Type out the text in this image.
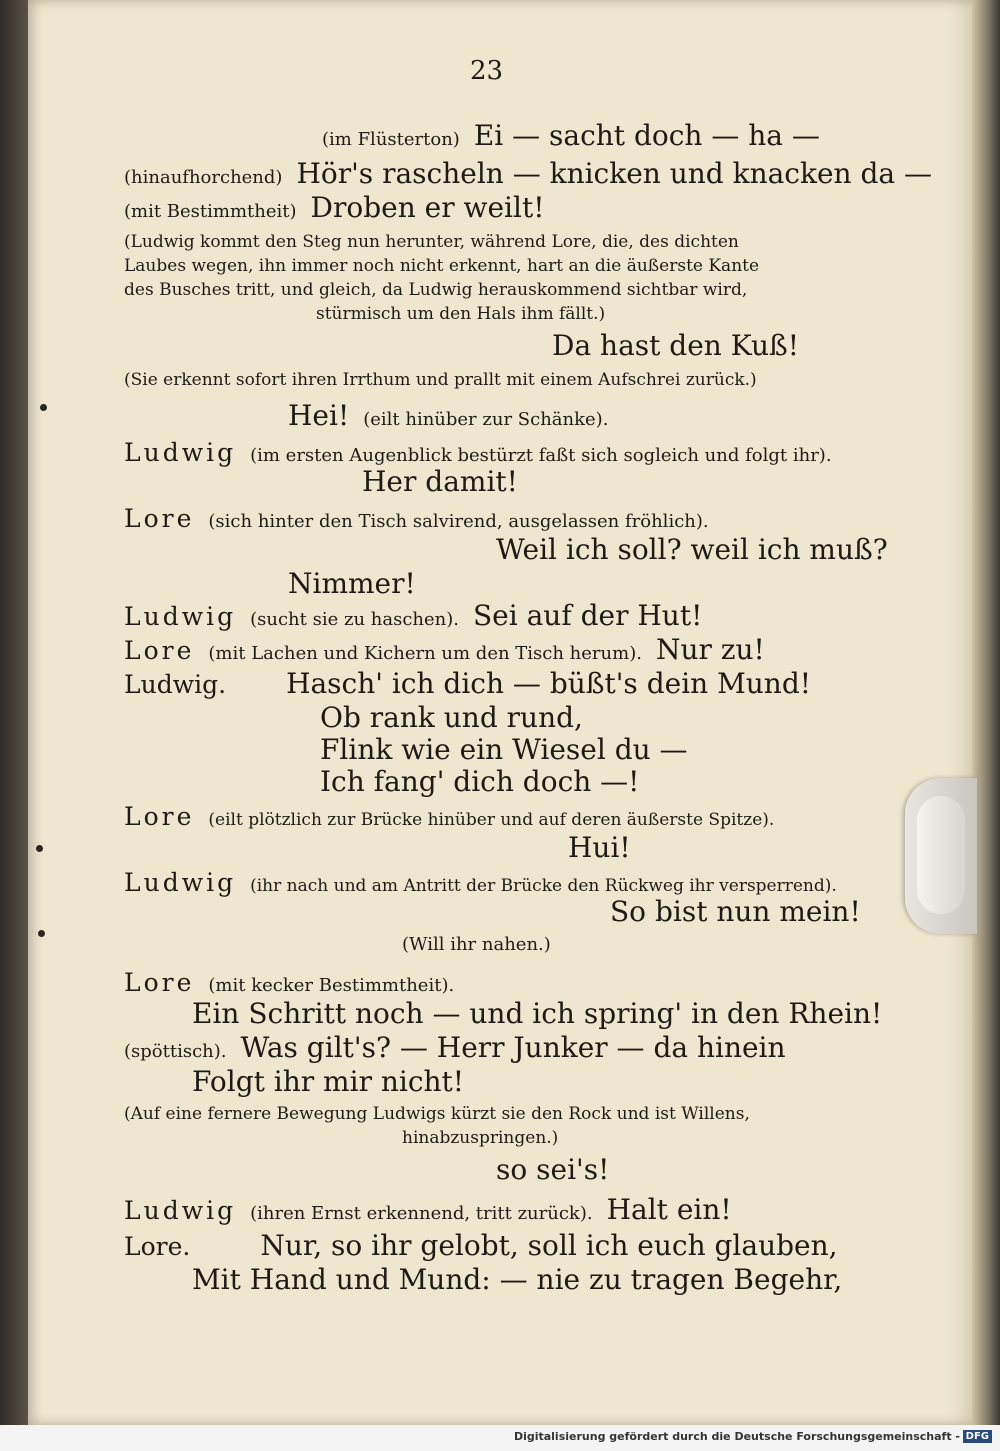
23
(im Flüsterton) Ei — sacht doch — ha —
(hinaufhorchend) Hör's rascheln — knicken und knacken da —
(mit Bestimmtheit) Droben er weilt!
(Ludwig kommt den Steg nun herunter, während Lore, die, des dichten
Laubes wegen, ihn immer noch nicht erkennt, hart an die äußerste Kante
des Busches tritt, und gleich, da Ludwig herauskommend sichtbar wird,
stürmisch um den Hals ihm fällt.)
Da hast den Kuß!
(Sie erkennt sofort ihren Irrthum und prallt mit einem Aufschrei zurück.)
Hei! (eilt hinüber zur Schänke).
Ludwig (im ersten Augenblick bestürzt faßt sich sogleich und folgt ihr).
Her damit!
Lore (sich hinter den Tisch salvirend, ausgelassen fröhlich).
Weil ich soll? weil ich muß?
Nimmer!
Ludwig (sucht sie zu haschen). Sei auf der Hut!
Lore (mit Lachen und Kichern um den Tisch herum). Nur zu!
Ludwig. Hasch' ich dich — büßt's dein Mund!
Ob rank und rund,
Flink wie ein Wiesel du —
Ich fang' dich doch —!
Lore (eilt plötzlich zur Brücke hinüber und auf deren äußerste Spitze).
Hui!
Ludwig (ihr nach und am Antritt der Brücke den Rückweg ihr versperrend).
So bist nun mein!
(Will ihr nahen.)
Lore (mit kecker Bestimmtheit).
Ein Schritt noch — und ich spring' in den Rhein!
(spöttisch). Was gilt's? — Herr Junker — da hinein
Folgt ihr mir nicht!
(Auf eine fernere Bewegung Ludwigs kürzt sie den Rock und ist Willens,
hinabzuspringen.)
so sei's!
Ludwig (ihren Ernst erkennend, tritt zurück). Halt ein!
Lore.	Nur, so ihr gelobt, soll ich euch glauben,
Mit Hand und Mund: — nie zu tragen Begehr,
Digitalisierung gefördert durch die Deutsche Forschungsgemeinschaft - DFG
